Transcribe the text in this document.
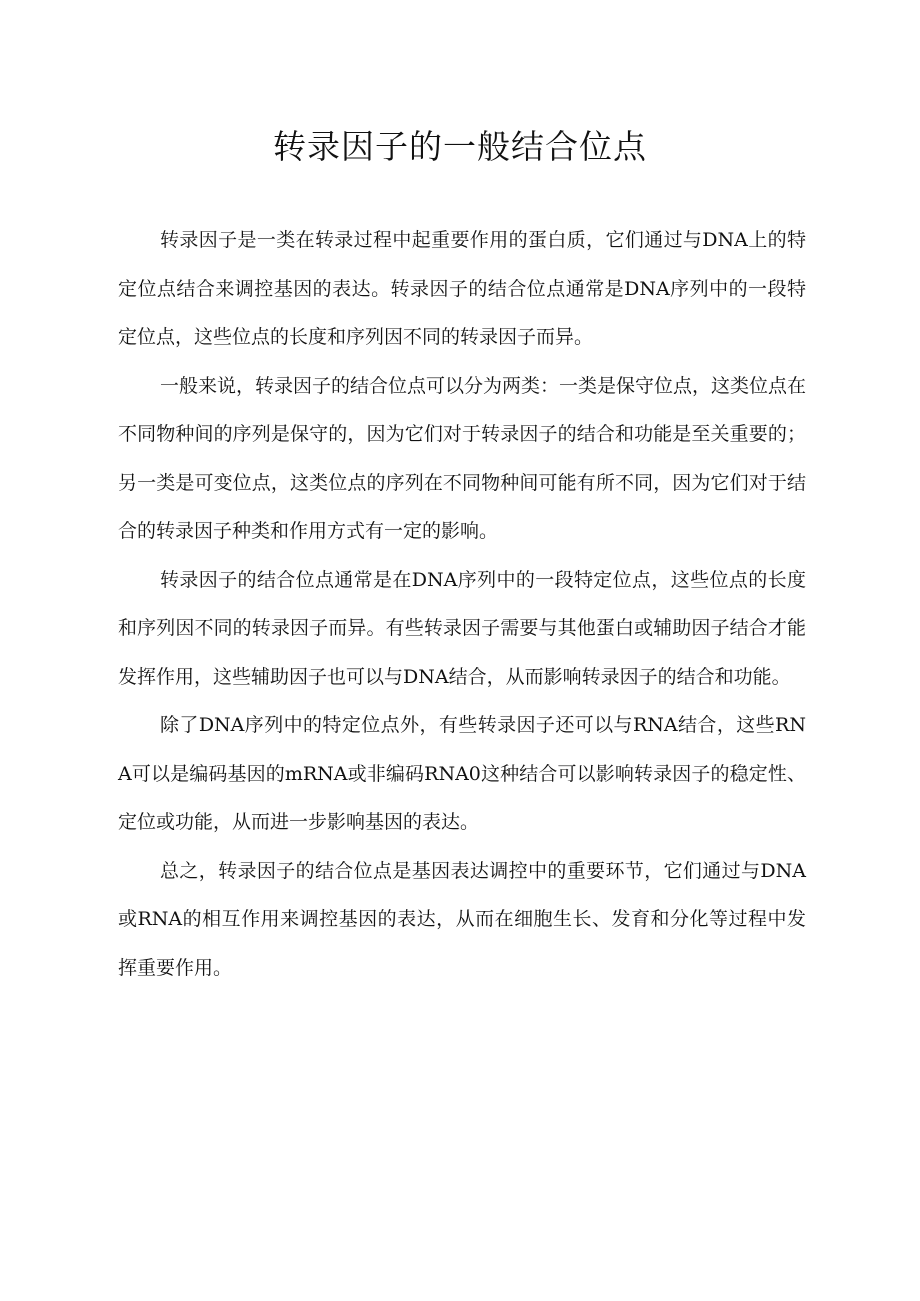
转录因子的一般结合位点

转录因子是一类在转录过程中起重要作用的蛋白质，它们通过与DNA上的特定位点结合来调控基因的表达。转录因子的结合位点通常是DNA序列中的一段特定位点，这些位点的长度和序列因不同的转录因子而异。

一般来说，转录因子的结合位点可以分为两类：一类是保守位点，这类位点在不同物种间的序列是保守的，因为它们对于转录因子的结合和功能是至关重要的；另一类是可变位点，这类位点的序列在不同物种间可能有所不同，因为它们对于结合的转录因子种类和作用方式有一定的影响。

转录因子的结合位点通常是在DNA序列中的一段特定位点，这些位点的长度和序列因不同的转录因子而异。有些转录因子需要与其他蛋白或辅助因子结合才能发挥作用，这些辅助因子也可以与DNA结合，从而影响转录因子的结合和功能。

除了DNA序列中的特定位点外，有些转录因子还可以与RNA结合，这些RNA可以是编码基因的mRNA或非编码RNA0这种结合可以影响转录因子的稳定性、定位或功能，从而进一步影响基因的表达。

总之，转录因子的结合位点是基因表达调控中的重要环节，它们通过与DNA或RNA的相互作用来调控基因的表达，从而在细胞生长、发育和分化等过程中发挥重要作用。
